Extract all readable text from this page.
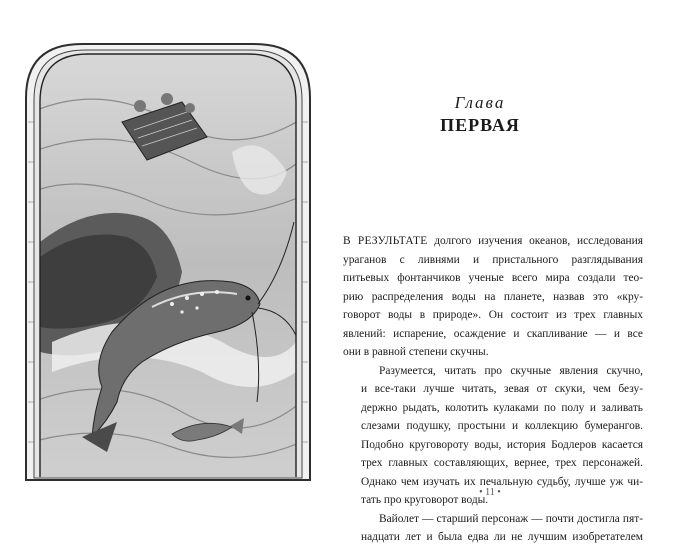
Глава
ПЕРВАЯ

В РЕЗУЛЬТАТЕ долгого изучения океанов, исследования
ураганов с ливнями и пристального разглядывания
питьевых фонтанчиков ученые всего мира создали тео-
рию распределения воды на планете, назвав это «кру-
говорот воды в природе». Он состоит из трех главных
явлений: испарение, осаждение и скапливание — и все
они в равной степени скучны.

Разумеется, читать про скучные явления скучно,
и все-таки лучше читать, зевая от скуки, чем безу-
держно рыдать, колотить кулаками по полу и заливать
слезами подушку, простыни и коллекцию бумерангов.
Подобно круговороту воды, история Бодлеров касается
трех главных составляющих, вернее, трех персонажей.
Однако чем изучать их печальную судьбу, лучше уж чи-
тать про круговорот воды.

Вайолет — старший персонаж — почти достигла пят-
надцати лет и была едва ли не лучшим изобретателем

• 11 •
